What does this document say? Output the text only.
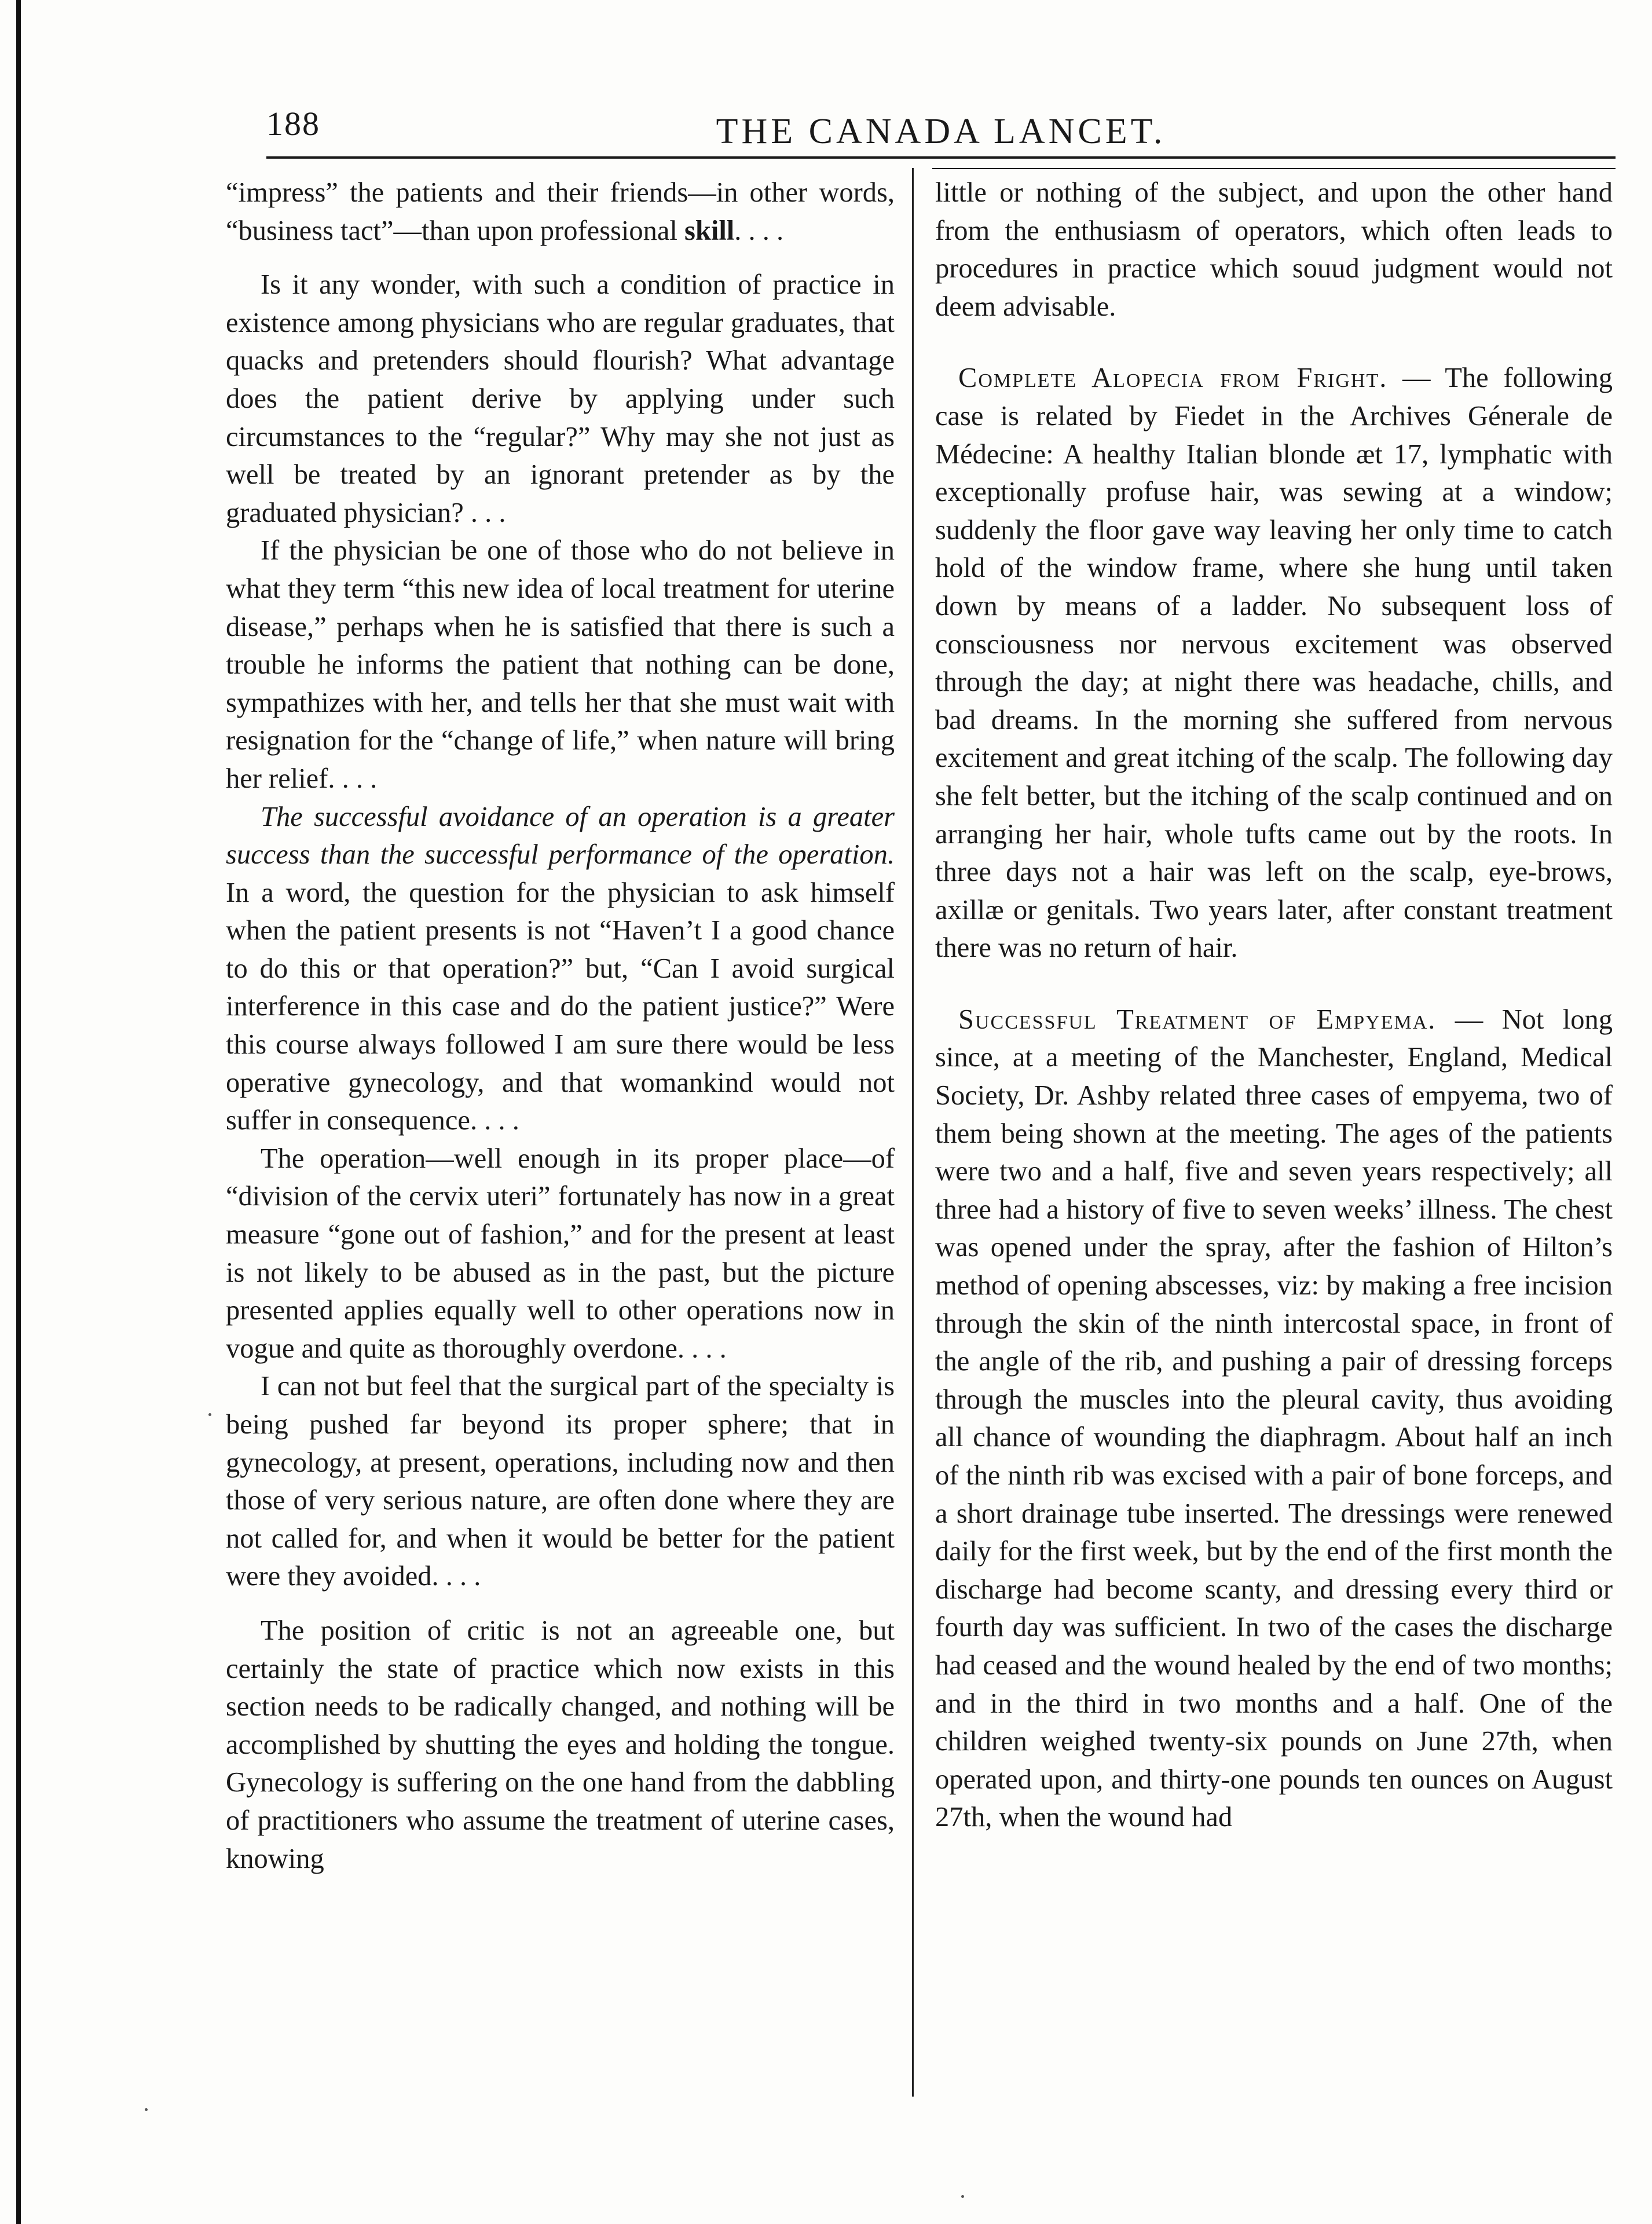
188	THE CANADA LANCET.

“impress” the patients and their friends—in other words, “business tact”—than upon professional skill. . . .

Is it any wonder, with such a condition of practice in existence among physicians who are regular graduates, that quacks and pretenders should flourish? What advantage does the patient derive by applying under such circumstances to the “regular?” Why may she not just as well be treated by an ignorant pretender as by the graduated physician? . . .

If the physician be one of those who do not believe in what they term “this new idea of local treatment for uterine disease,” perhaps when he is satisfied that there is such a trouble he informs the patient that nothing can be done, sympathizes with her, and tells her that she must wait with resignation for the “change of life,” when nature will bring her relief. . . .

The successful avoidance of an operation is a greater success than the successful performance of the operation. In a word, the question for the physician to ask himself when the patient presents is not “Haven’t I a good chance to do this or that operation?” but, “Can I avoid surgical interference in this case and do the patient justice?” Were this course always followed I am sure there would be less operative gynecology, and that womankind would not suffer in consequence. . . .

The operation—well enough in its proper place—of “division of the cervix uteri” fortunately has now in a great measure “gone out of fashion,” and for the present at least is not likely to be abused as in the past, but the picture presented applies equally well to other operations now in vogue and quite as thoroughly overdone. . . .

I can not but feel that the surgical part of the specialty is being pushed far beyond its proper sphere; that in gynecology, at present, operations, including now and then those of very serious nature, are often done where they are not called for, and when it would be better for the patient were they avoided. . . .

The position of critic is not an agreeable one, but certainly the state of practice which now exists in this section needs to be radically changed, and nothing will be accomplished by shutting the eyes and holding the tongue. Gynecology is suffering on the one hand from the dabbling of practitioners who assume the treatment of uterine cases, knowing

little or nothing of the subject, and upon the other hand from the enthusiasm of operators, which often leads to procedures in practice which souud judgment would not deem advisable.

Complete Alopecia from Fright. — The following case is related by Fiedet in the Archives Génerale de Médecine: A healthy Italian blonde æt 17, lymphatic with exceptionally profuse hair, was sewing at a window; suddenly the floor gave way leaving her only time to catch hold of the window frame, where she hung until taken down by means of a ladder. No subsequent loss of consciousness nor nervous excitement was observed through the day; at night there was headache, chills, and bad dreams. In the morning she suffered from nervous excitement and great itching of the scalp. The following day she felt better, but the itching of the scalp continued and on arranging her hair, whole tufts came out by the roots. In three days not a hair was left on the scalp, eye-brows, axillæ or genitals. Two years later, after constant treatment there was no return of hair.

Successful Treatment of Empyema. — Not long since, at a meeting of the Manchester, England, Medical Society, Dr. Ashby related three cases of empyema, two of them being shown at the meeting. The ages of the patients were two and a half, five and seven years respectively; all three had a history of five to seven weeks’ illness. The chest was opened under the spray, after the fashion of Hilton’s method of opening abscesses, viz: by making a free incision through the skin of the ninth intercostal space, in front of the angle of the rib, and pushing a pair of dressing forceps through the muscles into the pleural cavity, thus avoiding all chance of wounding the diaphragm. About half an inch of the ninth rib was excised with a pair of bone forceps, and a short drainage tube inserted. The dressings were renewed daily for the first week, but by the end of the first month the discharge had become scanty, and dressing every third or fourth day was sufficient. In two of the cases the discharge had ceased and the wound healed by the end of two months; and in the third in two months and a half. One of the children weighed twenty-six pounds on June 27th, when operated upon, and thirty-one pounds ten ounces on August 27th, when the wound had
